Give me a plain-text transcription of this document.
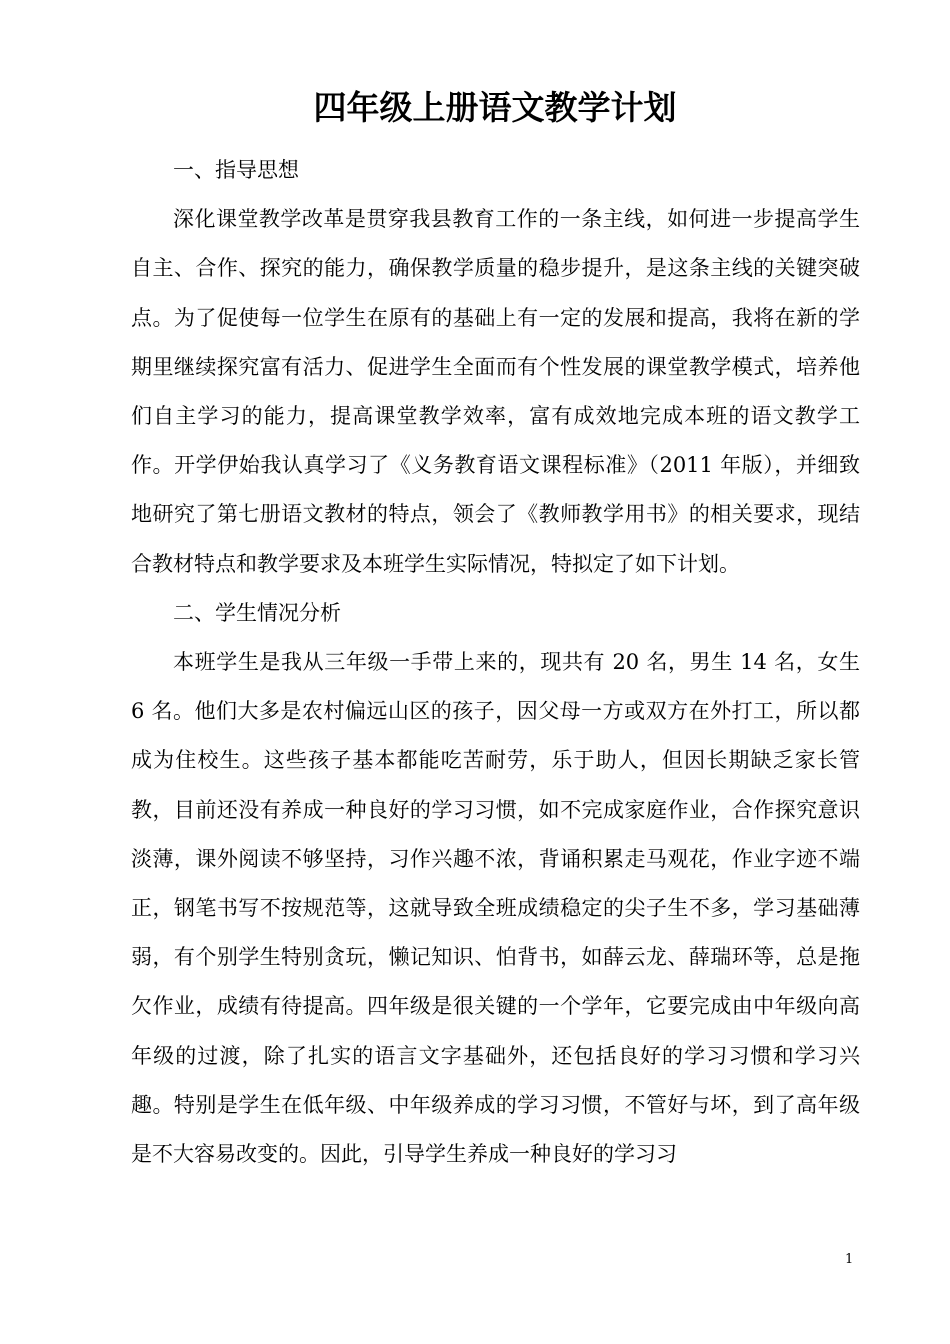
四年级上册语文教学计划

一、指导思想

深化课堂教学改革是贯穿我县教育工作的一条主线，如何进一步提高学生自主、合作、探究的能力，确保教学质量的稳步提升，是这条主线的关键突破点。为了促使每一位学生在原有的基础上有一定的发展和提高，我将在新的学期里继续探究富有活力、促进学生全面而有个性发展的课堂教学模式，培养他们自主学习的能力，提高课堂教学效率，富有成效地完成本班的语文教学工作。开学伊始我认真学习了《义务教育语文课程标准》（2011 年版），并细致地研究了第七册语文教材的特点，领会了《教师教学用书》的相关要求，现结合教材特点和教学要求及本班学生实际情况，特拟定了如下计划。

二、学生情况分析

本班学生是我从三年级一手带上来的，现共有 20 名，男生 14 名，女生 6 名。他们大多是农村偏远山区的孩子，因父母一方或双方在外打工，所以都成为住校生。这些孩子基本都能吃苦耐劳，乐于助人，但因长期缺乏家长管教，目前还没有养成一种良好的学习习惯，如不完成家庭作业，合作探究意识淡薄，课外阅读不够坚持，习作兴趣不浓，背诵积累走马观花，作业字迹不端正，钢笔书写不按规范等，这就导致全班成绩稳定的尖子生不多，学习基础薄弱，有个别学生特别贪玩，懒记知识、怕背书，如薛云龙、薛瑞环等，总是拖欠作业，成绩有待提高。四年级是很关键的一个学年，它要完成由中年级向高年级的过渡，除了扎实的语言文字基础外，还包括良好的学习习惯和学习兴趣。特别是学生在低年级、中年级养成的学习习惯，不管好与坏，到了高年级是不大容易改变的。因此，引导学生养成一种良好的学习习

1
